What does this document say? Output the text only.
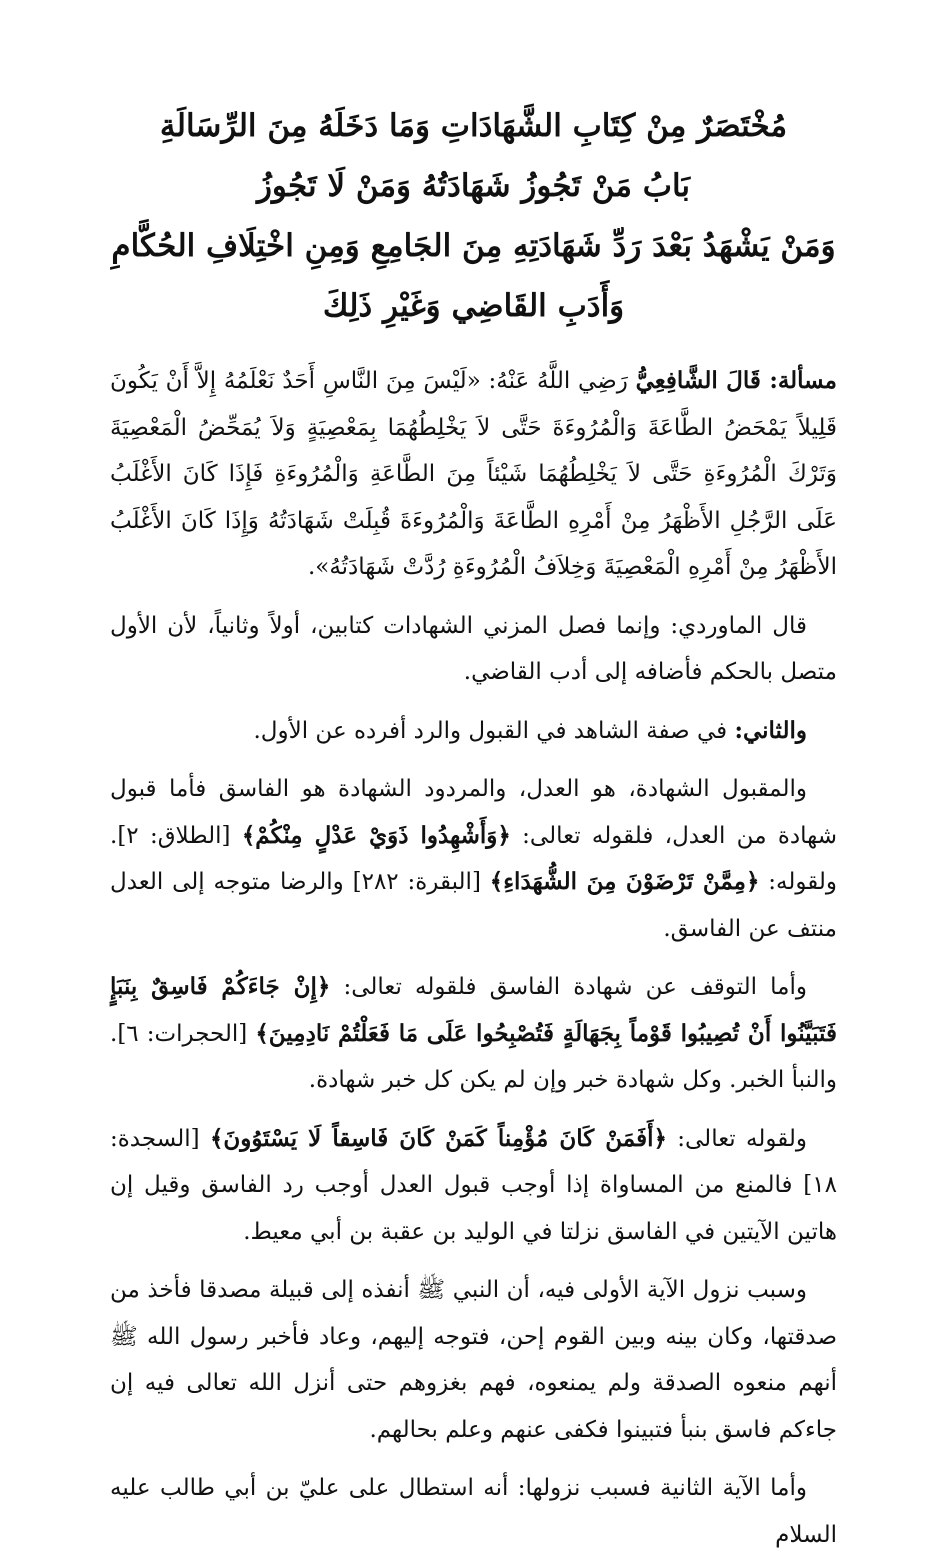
مُخْتَصَرٌ مِنْ كِتَابِ الشَّهَادَاتِ وَمَا دَخَلَهُ مِنَ الرِّسَالَةِ

بَابُ مَنْ تَجُوزُ شَهَادَتُهُ وَمَنْ لَا تَجُوزُ

وَمَنْ يَشْهَدُ بَعْدَ رَدِّ شَهَادَتِهِ مِنَ الجَامِعِ وَمِنِ اخْتِلَافِ الحُكَّامِ

وَأَدَبِ القَاضِي وَغَيْرِ ذَلِكَ

مسألة: قَالَ الشَّافِعِيُّ رَضِي اللَّهُ عَنْهُ: «لَيْسَ مِنَ النَّاسِ أَحَدٌ نَعْلَمُهُ إِلاَّ أَنْ يَكُونَ قَلِيلاً يَمْحَضُ الطَّاعَةَ وَالْمُرُوءَةَ حَتَّى لاَ يَخْلِطُهُمَا بِمَعْصِيَةٍ وَلاَ يُمَحِّضُ الْمَعْصِيَةَ وَتَرْكَ الْمُرُوءَةِ حَتَّى لاَ يَخْلِطُهُمَا شَيْئاً مِنَ الطَّاعَةِ وَالْمُرُوءَةِ فَإِذَا كَانَ الأَغْلَبُ عَلَى الرَّجُلِ الأَظْهَرُ مِنْ أَمْرِهِ الطَّاعَةَ وَالْمُرُوءَةَ قُبِلَتْ شَهَادَتُهُ وَإِذَا كَانَ الأَغْلَبُ الأَظْهَرُ مِنْ أَمْرِهِ الْمَعْصِيَةَ وَخِلاَفُ الْمُرُوءَةِ رُدَّتْ شَهَادَتُهُ».

قال الماوردي: وإنما فصل المزني الشهادات كتابين، أولاً وثانياً، لأن الأول متصل بالحكم فأضافه إلى أدب القاضي.

والثاني: في صفة الشاهد في القبول والرد أفرده عن الأول.

والمقبول الشهادة، هو العدل، والمردود الشهادة هو الفاسق فأما قبول شهادة من العدل، فلقوله تعالى: ﴿وَأَشْهِدُوا ذَوَيْ عَدْلٍ مِنْكُمْ﴾ [الطلاق: ٢]. ولقوله: ﴿مِمَّنْ تَرْضَوْنَ مِنَ الشُّهَدَاءِ﴾ [البقرة: ٢٨٢] والرضا متوجه إلى العدل منتف عن الفاسق.

وأما التوقف عن شهادة الفاسق فلقوله تعالى: ﴿إِنْ جَاءَكُمْ فَاسِقٌ بِنَبَإٍ فَتَبَيَّنُوا أَنْ تُصِيبُوا قَوْماً بِجَهَالَةٍ فَتُصْبِحُوا عَلَى مَا فَعَلْتُمْ نَادِمِينَ﴾ [الحجرات: ٦]. والنبأ الخبر. وكل شهادة خبر وإن لم يكن كل خبر شهادة.

ولقوله تعالى: ﴿أَفَمَنْ كَانَ مُؤْمِناً كَمَنْ كَانَ فَاسِقاً لَا يَسْتَوُونَ﴾ [السجدة: ١٨] فالمنع من المساواة إذا أوجب قبول العدل أوجب رد الفاسق وقيل إن هاتين الآيتين في الفاسق نزلتا في الوليد بن عقبة بن أبي معيط.

وسبب نزول الآية الأولى فيه، أن النبي ﷺ أنفذه إلى قبيلة مصدقا فأخذ من صدقتها، وكان بينه وبين القوم إحن، فتوجه إليهم، وعاد فأخبر رسول الله ﷺ أنهم منعوه الصدقة ولم يمنعوه، فهم بغزوهم حتى أنزل الله تعالى فيه إن جاءكم فاسق بنبأ فتبينوا فكفى عنهم وعلم بحالهم.

وأما الآية الثانية فسبب نزولها: أنه استطال على عليّ بن أبي طالب عليه السلام
